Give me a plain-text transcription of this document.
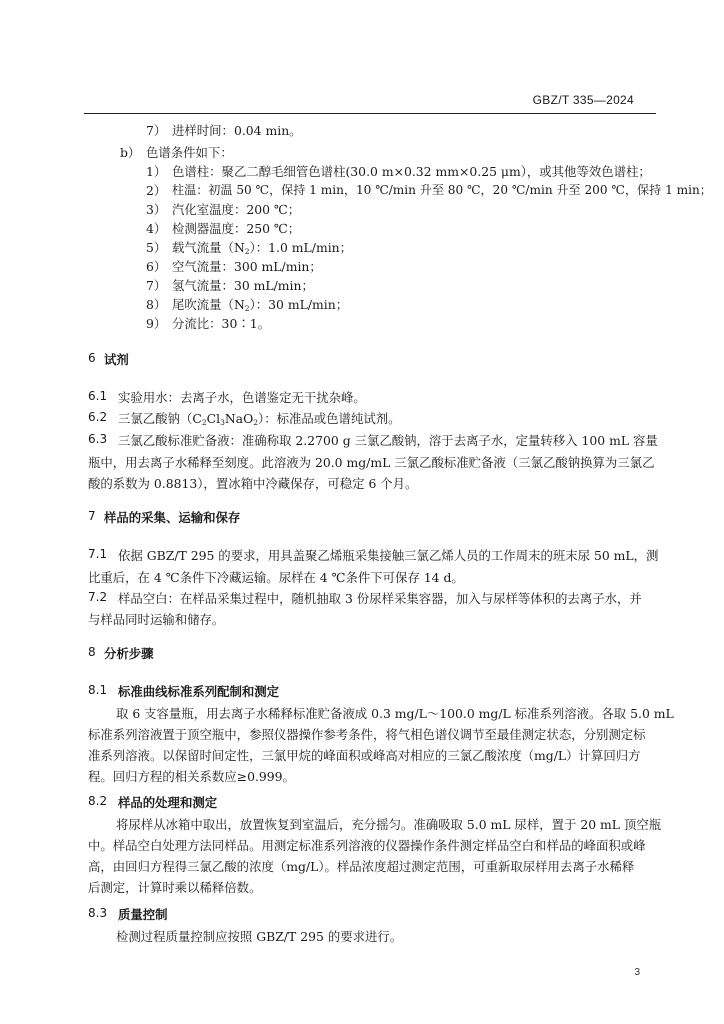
GBZ/T 335—2024
7） 进样时间：0.04 min。
b） 色谱条件如下：
1） 色谱柱：聚乙二醇毛细管色谱柱(30.0 m×0.32 mm×0.25 μm），或其他等效色谱柱；
2） 柱温：初温 50 ℃，保持 1 min，10 ℃/min 升至 80 ℃，20 ℃/min 升至 200 ℃，保持 1 min；
3） 汽化室温度：200 ℃；
4） 检测器温度：250 ℃；
5） 载气流量$(N_2)$：1.0 mL/min；
6） 空气流量：300 mL/min；
7） 氢气流量：30 mL/min；
8） 尾吹流量$(N_2)$：30 mL/min；
9） 分流比：30∶1。
6 试剂
6.1 实验用水：去离子水，色谱鉴定无干扰杂峰。
6.2 三氯乙酸钠$(C_2Cl_3NaO_2)$：标准品或色谱纯试剂。
6.3 三氯乙酸标准贮备液：准确称取 2.2700 g 三氯乙酸钠，溶于去离子水，定量转移入 100 mL 容量
瓶中，用去离子水稀释至刻度。此溶液为 20.0 mg/mL 三氯乙酸标准贮备液（三氯乙酸钠换算为三氯乙
酸的系数为 0.8813），置冰箱中冷藏保存，可稳定 6 个月。
7 样品的采集、运输和保存
7.1 依据 GBZ/T 295 的要求，用具盖聚乙烯瓶采集接触三氯乙烯人员的工作周末的班末尿 50 mL，测
比重后，在 4 ℃条件下冷藏运输。尿样在 4 ℃条件下可保存 14 d。
7.2 样品空白：在样品采集过程中，随机抽取 3 份尿样采集容器，加入与尿样等体积的去离子水，并
与样品同时运输和储存。
8 分析步骤
8.1 标准曲线标准系列配制和测定
取 6 支容量瓶，用去离子水稀释标准贮备液成 0.3 mg/L～100.0 mg/L 标准系列溶液。各取 5.0 mL
标准系列溶液置于顶空瓶中，参照仪器操作参考条件，将气相色谱仪调节至最佳测定状态，分别测定标
准系列溶液。以保留时间定性，三氯甲烷的峰面积或峰高对相应的三氯乙酸浓度（mg/L）计算回归方
程。回归方程的相关系数应≥0.999。
8.2 样品的处理和测定
将尿样从冰箱中取出，放置恢复到室温后，充分摇匀。准确吸取 5.0 mL 尿样，置于 20 mL 顶空瓶
中。样品空白处理方法同样品。用测定标准系列溶液的仪器操作条件测定样品空白和样品的峰面积或峰
高，由回归方程得三氯乙酸的浓度（mg/L）。样品浓度超过测定范围，可重新取尿样用去离子水稀释
后测定，计算时乘以稀释倍数。
8.3 质量控制
检测过程质量控制应按照 GBZ/T 295 的要求进行。
3
